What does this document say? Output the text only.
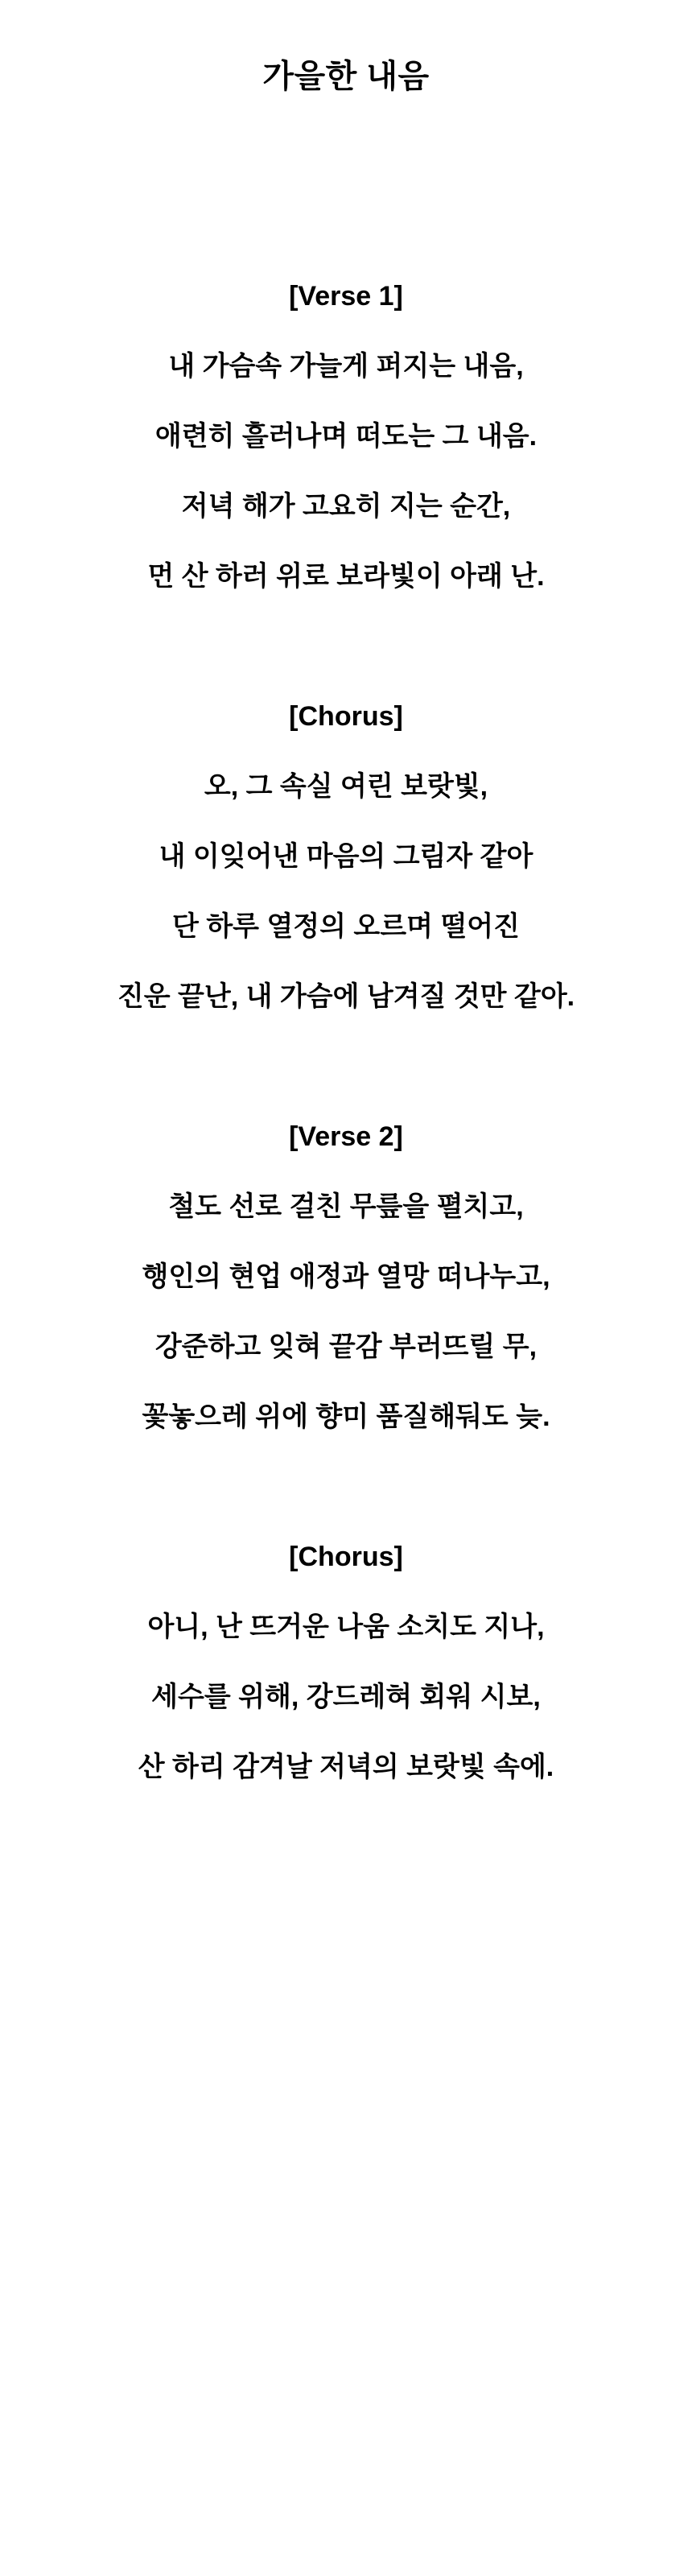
가을한 내음

[Verse 1]

내 가슴속 가늘게 퍼지는 내음,

애련히 흘러나며 떠도는 그 내음.

저녁 해가 고요히 지는 순간,

먼 산 하러 위로 보라빛이 아래 난.

[Chorus]

오, 그 속실 여린 보랏빛,

내 이잊어낸 마음의 그림자 같아

단 하루 열정의 오르며 떨어진

진운 끝난, 내 가슴에 남겨질 것만 같아.

[Verse 2]

철도 선로 걸친 무릎을 펼치고,

행인의 현업 애정과 열망 떠나누고,

강준하고 잊혀 끝감 부러뜨릴 무,

꽃놓으레 위에 향미 품질해둬도 늦.

[Chorus]

아니, 난 뜨거운 나움 소치도 지나,

세수를 위해, 강드레혀 회워 시보,

산 하리 감겨날 저녁의 보랏빛 속에.
